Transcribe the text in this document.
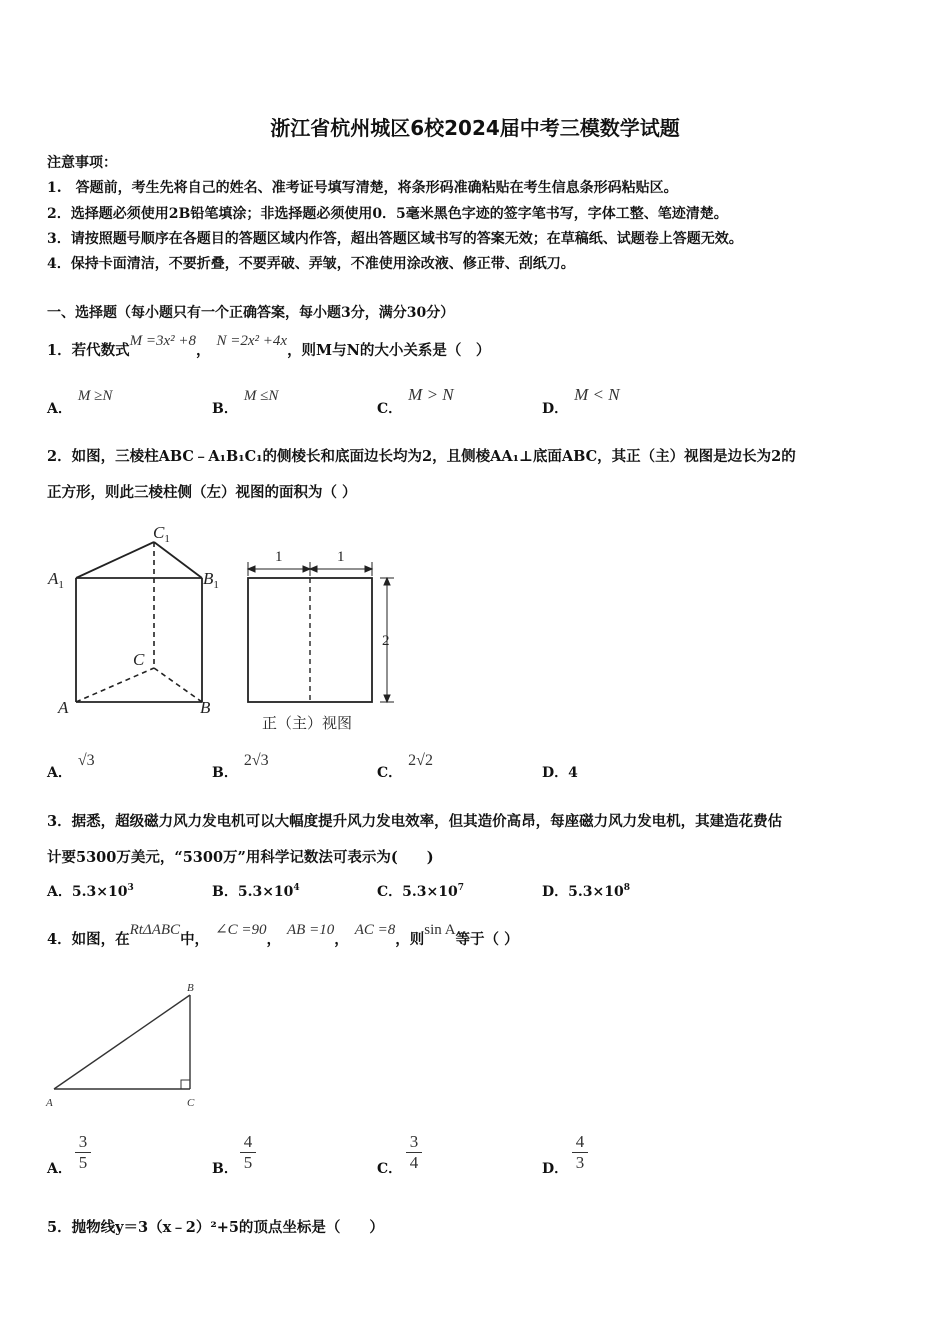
浙江省杭州城区6校2024届中考三模数学试题
注意事项：
1.　答题前，考生先将自己的姓名、准考证号填写清楚，将条形码准确粘贴在考生信息条形码粘贴区。
2．选择题必须使用2B铅笔填涂；非选择题必须使用0．5毫米黑色字迹的签字笔书写，字体工整、笔迹清楚。
3．请按照题号顺序在各题目的答题区域内作答，超出答题区域书写的答案无效；在草稿纸、试题卷上答题无效。
4．保持卡面清洁，不要折叠，不要弄破、弄皱，不准使用涂改液、修正带、刮纸刀。
一、选择题（每小题只有一个正确答案，每小题3分，满分30分）
1．若代数式M =3x² +8，N =2x² +4x，则M与N的大小关系是（　）
A．M ≥N
B．M ≤N
C．M > N
D．M < N
2．如图，三棱柱ABC﹣A₁B₁C₁的侧棱长和底面边长均为2，且侧棱AA₁⊥底面ABC，其正（主）视图是边长为2的
正方形，则此三棱柱侧（左）视图的面积为（ ）
$C_1$
$A_1$	$B_1$
C
A	B
1	1
2
正（主）视图
A．√3
B．2√3
C．2√2
D．4
3．据悉，超级磁力风力发电机可以大幅度提升风力发电效率，但其造价高昂，每座磁力风力发电机，其建造花费估
计要5300万美元，“5300万”用科学记数法可表示为(　　)
A．$5.3\times 10^3$	B．$5.3\times 10^4$	C．$5.3\times 10^7$	D．$5.3\times 10^8$
4．如图，在RtΔABC中，∠C =90，AB =10，AC =8，则sin A等于（ ）
B
A	C
A．
3
5	B．
4
5	C．
3
4	D．
4
3
5．抛物线y＝3（x﹣2）²+5的顶点坐标是（　　）
